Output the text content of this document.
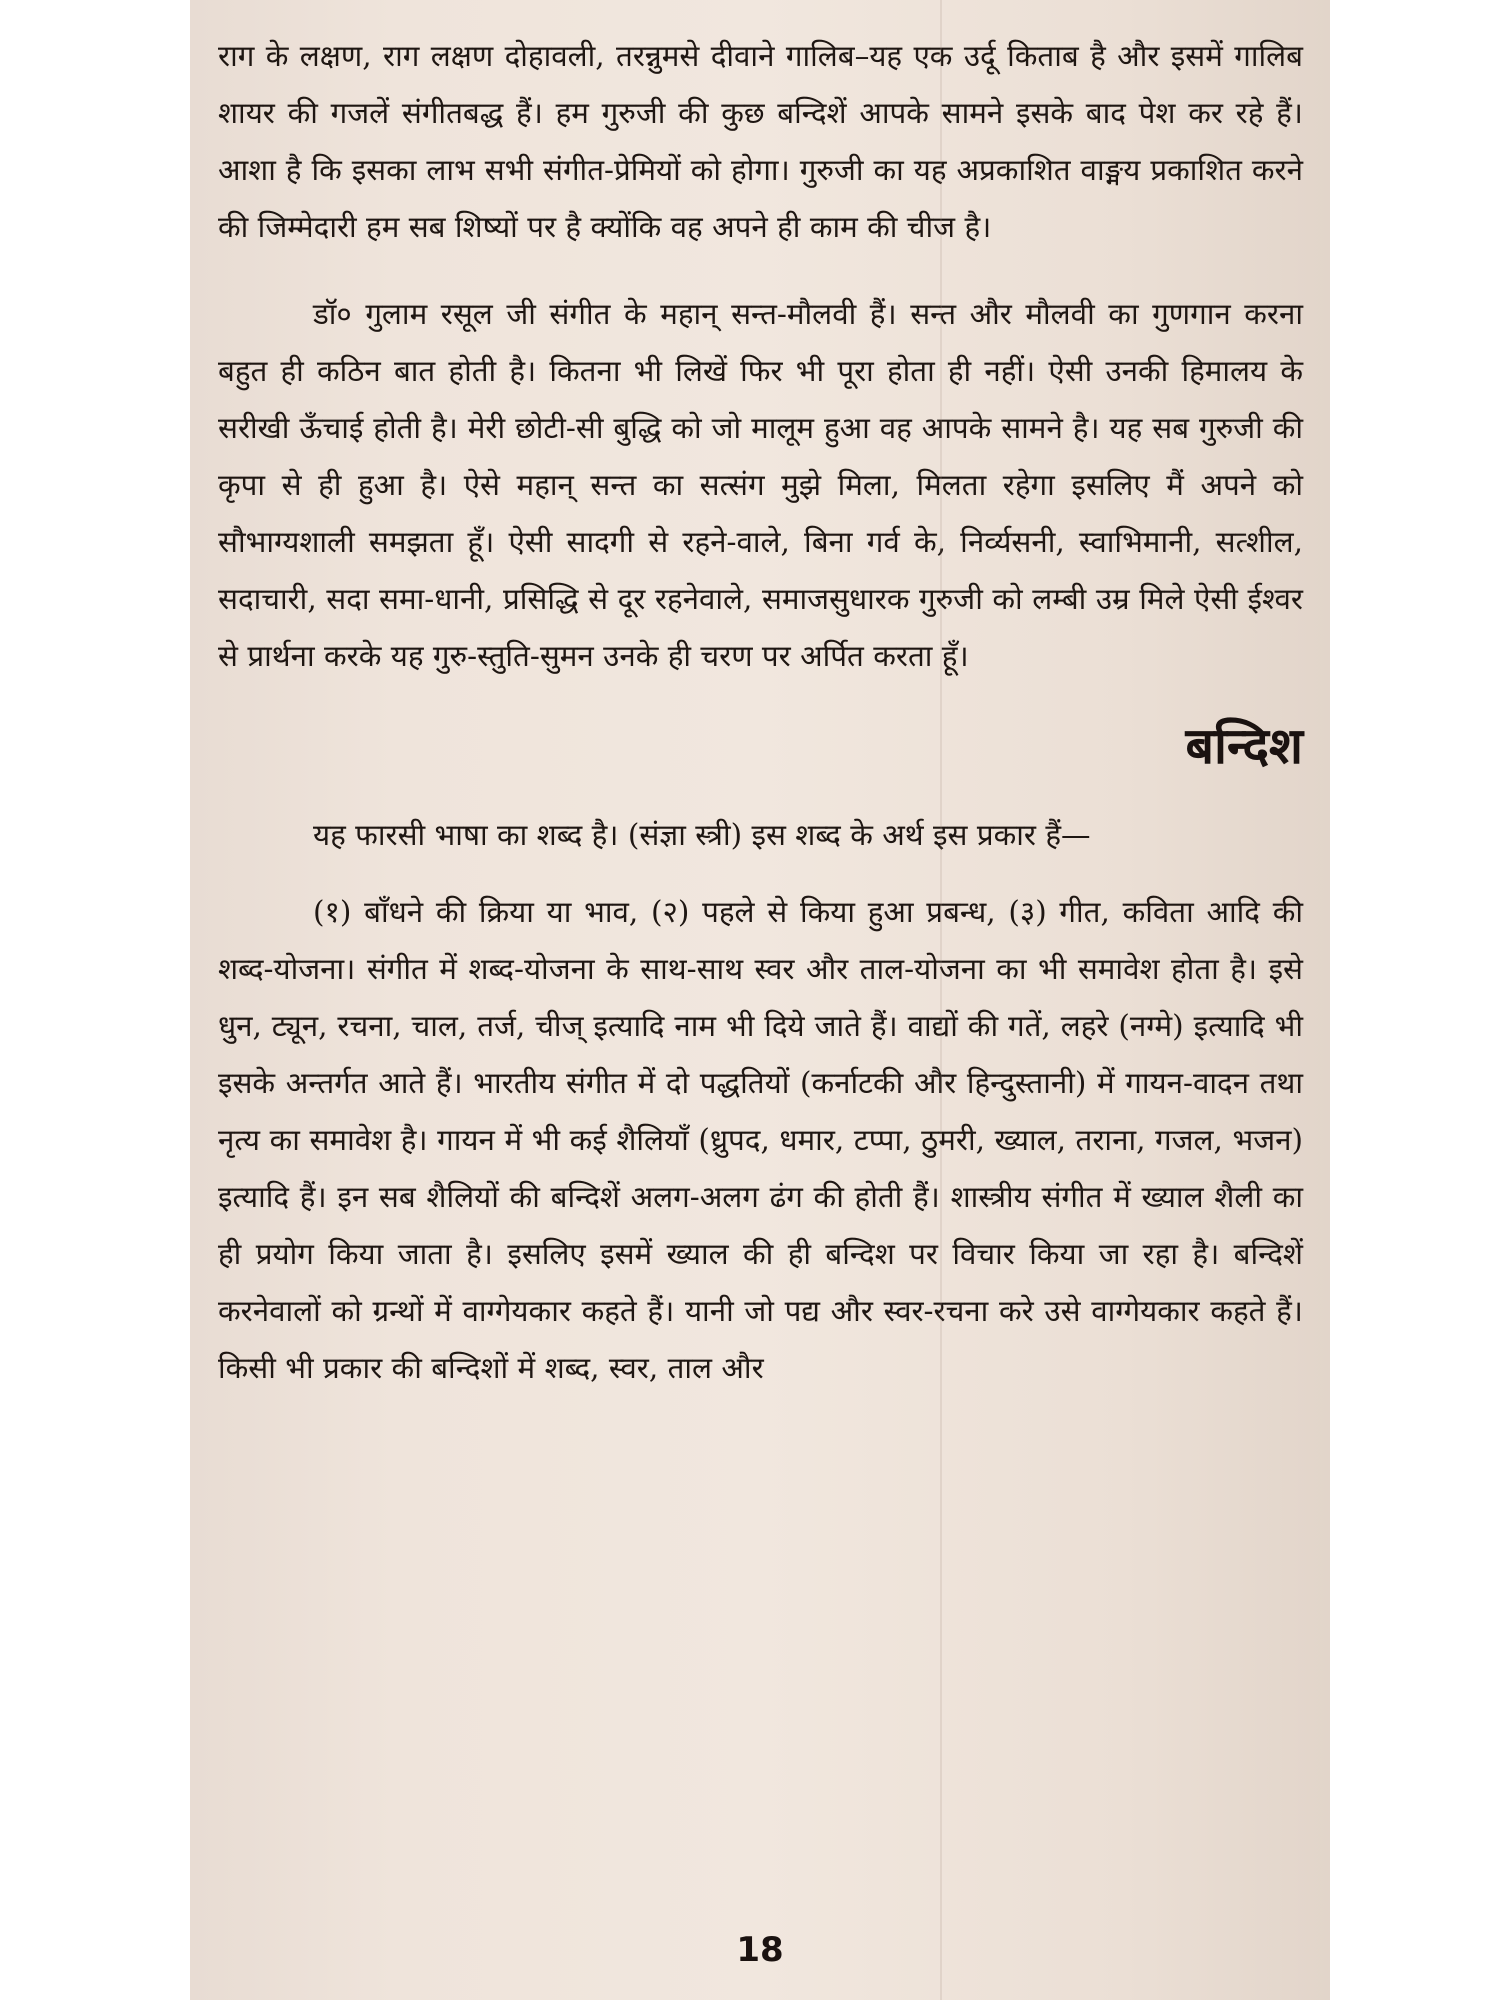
राग के लक्षण, राग लक्षण दोहावली, तरन्नुमसे दीवाने गालिब–यह एक उर्दू किताब है और इसमें गालिब शायर की गजलें संगीतबद्ध हैं। हम गुरुजी की कुछ बन्दिशें आपके सामने इसके बाद पेश कर रहे हैं। आशा है कि इसका लाभ सभी संगीत-प्रेमियों को होगा। गुरुजी का यह अप्रकाशित वाङ्मय प्रकाशित करने की जिम्मेदारी हम सब शिष्यों पर है क्योंकि वह अपने ही काम की चीज है।

डॉ० गुलाम रसूल जी संगीत के महान् सन्त-मौलवी हैं। सन्त और मौलवी का गुणगान करना बहुत ही कठिन बात होती है। कितना भी लिखें फिर भी पूरा होता ही नहीं। ऐसी उनकी हिमालय के सरीखी ऊँचाई होती है। मेरी छोटी-सी बुद्धि को जो मालूम हुआ वह आपके सामने है। यह सब गुरुजी की कृपा से ही हुआ है। ऐसे महान् सन्त का सत्संग मुझे मिला, मिलता रहेगा इसलिए मैं अपने को सौभाग्यशाली समझता हूँ। ऐसी सादगी से रहने-वाले, बिना गर्व के, निर्व्यसनी, स्वाभिमानी, सत्शील, सदाचारी, सदा समा-धानी, प्रसिद्धि से दूर रहनेवाले, समाजसुधारक गुरुजी को लम्बी उम्र मिले ऐसी ईश्वर से प्रार्थना करके यह गुरु-स्तुति-सुमन उनके ही चरण पर अर्पित करता हूँ।

बन्दिश

यह फारसी भाषा का शब्द है। (संज्ञा स्त्री) इस शब्द के अर्थ इस प्रकार हैं—

(१) बाँधने की क्रिया या भाव, (२) पहले से किया हुआ प्रबन्ध, (३) गीत, कविता आदि की शब्द-योजना। संगीत में शब्द-योजना के साथ-साथ स्वर और ताल-योजना का भी समावेश होता है। इसे धुन, ट्यून, रचना, चाल, तर्ज, चीज् इत्यादि नाम भी दिये जाते हैं। वाद्यों की गतें, लहरे (नग्मे) इत्यादि भी इसके अन्तर्गत आते हैं। भारतीय संगीत में दो पद्धतियों (कर्नाटकी और हिन्दुस्तानी) में गायन-वादन तथा नृत्य का समावेश है। गायन में भी कई शैलियाँ (ध्रुपद, धमार, टप्पा, ठुमरी, ख्याल, तराना, गजल, भजन) इत्यादि हैं। इन सब शैलियों की बन्दिशें अलग-अलग ढंग की होती हैं। शास्त्रीय संगीत में ख्याल शैली का ही प्रयोग किया जाता है। इसलिए इसमें ख्याल की ही बन्दिश पर विचार किया जा रहा है। बन्दिशें करनेवालों को ग्रन्थों में वाग्गेयकार कहते हैं। यानी जो पद्य और स्वर-रचना करे उसे वाग्गेयकार कहते हैं। किसी भी प्रकार की बन्दिशों में शब्द, स्वर, ताल और

18
